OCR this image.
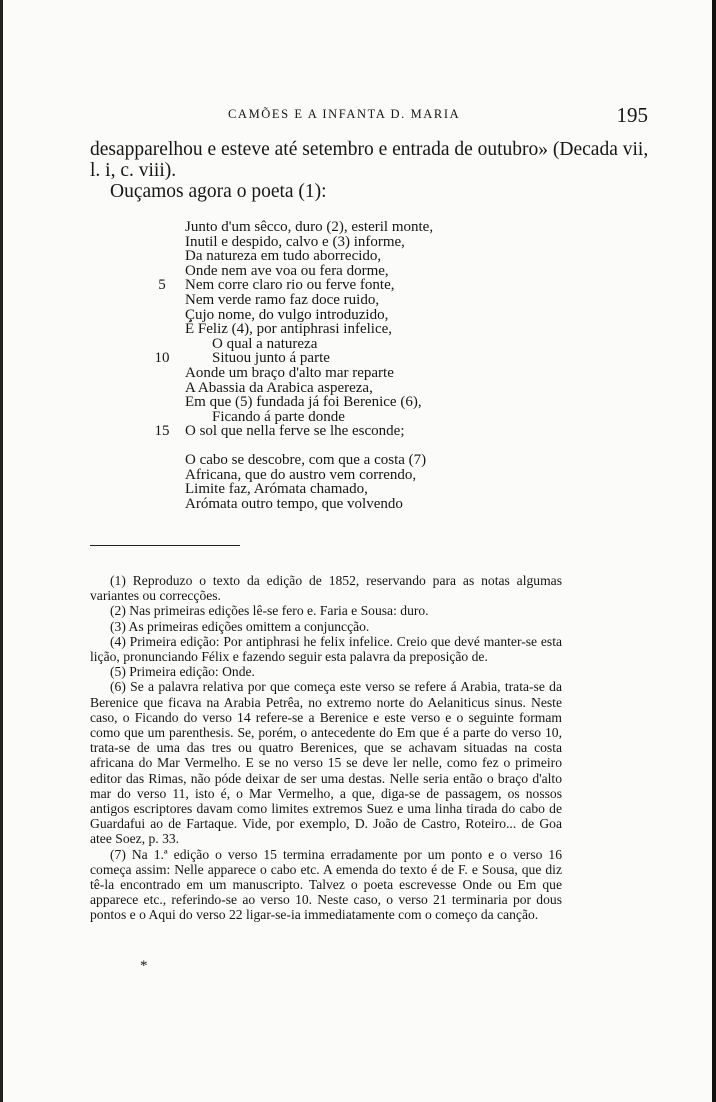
CAMÕES E A INFANTA D. MARIA	195

desapparelhou e esteve até setembro e entrada de outubro» (Decada vii, l. i, c. viii).

Ouçamos agora o poeta (1):

Junto d'um sêcco, duro (2), esteril monte,
Inutil e despido, calvo e (3) informe,
Da natureza em tudo aborrecido,
Onde nem ave voa ou fera dorme,
5	Nem corre claro rio ou ferve fonte,
Nem verde ramo faz doce ruido,
Çujo nome, do vulgo introduzido,
É Feliz (4), por antiphrasi infelice,
O qual a natureza
10	Situou junto á parte
Aonde um braço d'alto mar reparte
A Abassia da Arabica aspereza,
Em que (5) fundada já foi Berenice (6),
Ficando á parte donde
15	O sol que nella ferve se lhe esconde;
O cabo se descobre, com que a costa (7)
Africana, que do austro vem correndo,
Limite faz, Arómata chamado,
Arómata outro tempo, que volvendo

(1) Reproduzo o texto da edição de 1852, reservando para as notas algumas variantes ou correcções.

(2) Nas primeiras edições lê-se fero e. Faria e Sousa: duro.

(3) As primeiras edições omittem a conjuncção.

(4) Primeira edição: Por antiphrasi he felix infelice. Creio que devé manter-se esta lição, pronunciando Félix e fazendo seguir esta palavra da preposição de.

(5) Primeira edição: Onde.

(6) Se a palavra relativa por que começa este verso se refere á Arabia, trata-se da Berenice que ficava na Arabia Petrêa, no extremo norte do Aelaniticus sinus. Neste caso, o Ficando do verso 14 refere-se a Berenice e este verso e o seguinte formam como que um parenthesis. Se, porém, o antecedente do Em que é a parte do verso 10, trata-se de uma das tres ou quatro Berenices, que se achavam situadas na costa africana do Mar Vermelho. E se no verso 15 se deve ler nelle, como fez o primeiro editor das Rimas, não póde deixar de ser uma destas. Nelle seria então o braço d'alto mar do verso 11, isto é, o Mar Vermelho, a que, diga-se de passagem, os nossos antigos escriptores davam como limites extremos Suez e uma linha tirada do cabo de Guardafui ao de Fartaque. Vide, por exemplo, D. João de Castro, Roteiro... de Goa atee Soez, p. 33.

(7) Na 1.ª edição o verso 15 termina erradamente por um ponto e o verso 16 começa assim: Nelle apparece o cabo etc. A emenda do texto é de F. e Sousa, que diz tê-la encontrado em um manuscripto. Talvez o poeta escrevesse Onde ou Em que apparece etc., referindo-se ao verso 10. Neste caso, o verso 21 terminaria por dous pontos e o Aqui do verso 22 ligar-se-ia immediatamente com o começo da canção.

*
